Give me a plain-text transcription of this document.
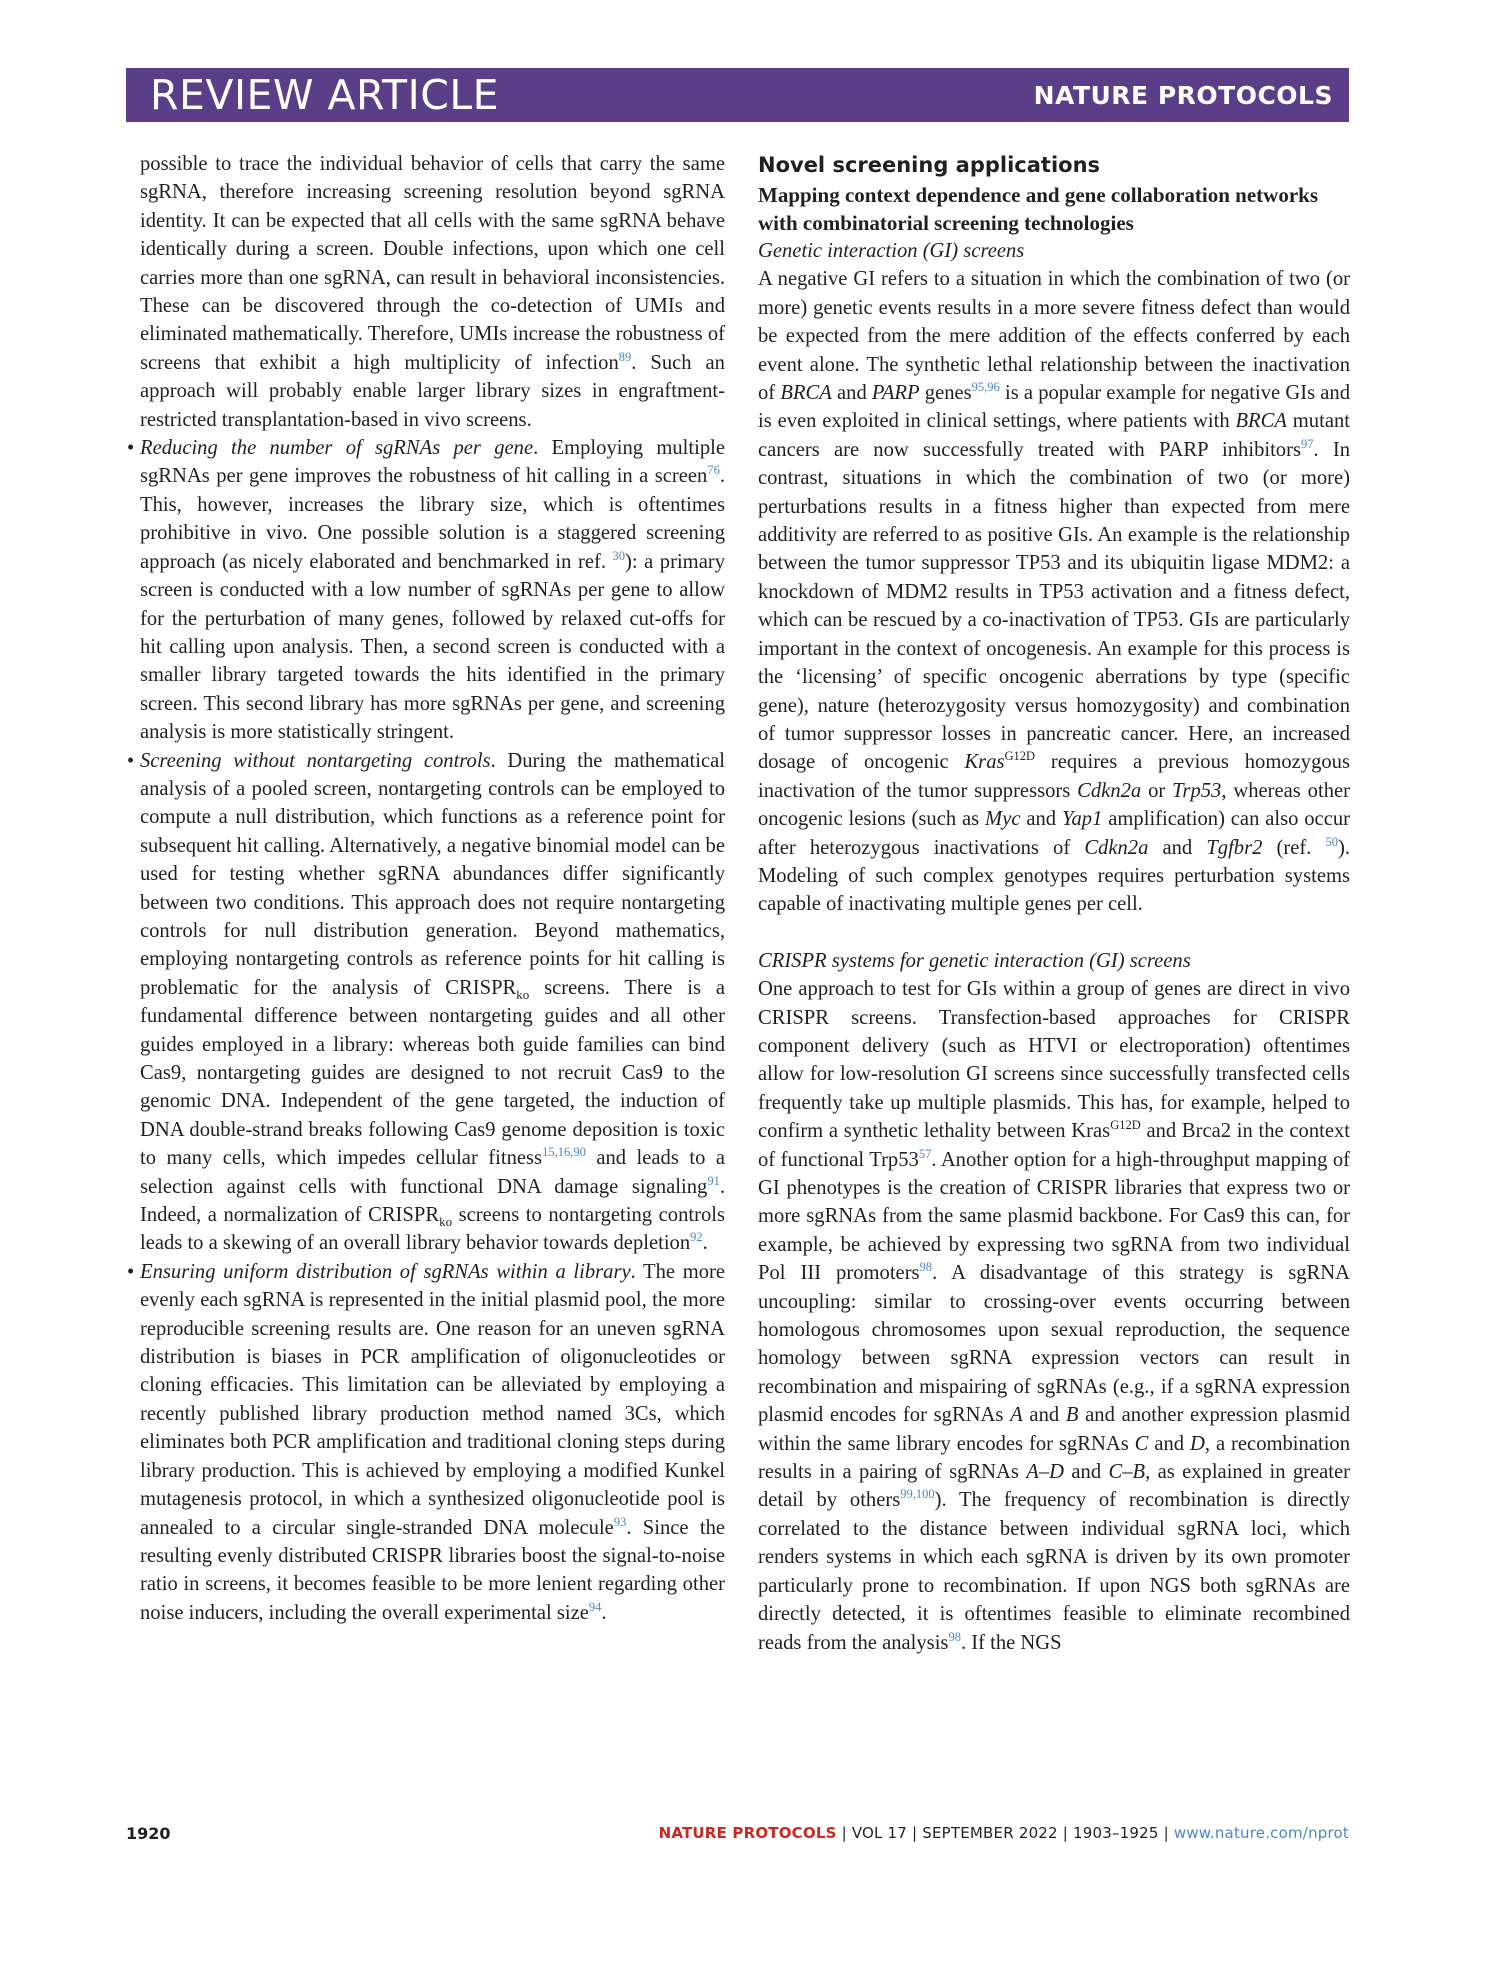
REVIEW ARTICLE	NATURE PROTOCOLS

possible to trace the individual behavior of cells that carry the same sgRNA, therefore increasing screening resolution beyond sgRNA identity. It can be expected that all cells with the same sgRNA behave identically during a screen. Double infections, upon which one cell carries more than one sgRNA, can result in behavioral inconsistencies. These can be discovered through the co-detection of UMIs and eliminated mathematically. Therefore, UMIs increase the robustness of screens that exhibit a high multiplicity of infection$^{89}$. Such an approach will probably enable larger library sizes in engraftment-restricted transplantation-based in vivo screens.

• Reducing the number of sgRNAs per gene. Employing multiple sgRNAs per gene improves the robustness of hit calling in a screen$^{76}$. This, however, increases the library size, which is oftentimes prohibitive in vivo. One possible solution is a staggered screening approach (as nicely elaborated and benchmarked in ref. $^{30}$): a primary screen is conducted with a low number of sgRNAs per gene to allow for the perturbation of many genes, followed by relaxed cut-offs for hit calling upon analysis. Then, a second screen is conducted with a smaller library targeted towards the hits identified in the primary screen. This second library has more sgRNAs per gene, and screening analysis is more statistically stringent.
• Screening without nontargeting controls. During the mathematical analysis of a pooled screen, nontargeting controls can be employed to compute a null distribution, which functions as a reference point for subsequent hit calling. Alternatively, a negative binomial model can be used for testing whether sgRNA abundances differ significantly between two conditions. This approach does not require nontargeting controls for null distribution generation. Beyond mathematics, employing nontargeting controls as reference points for hit calling is problematic for the analysis of $CRISPR_{ko}$ screens. There is a fundamental difference between nontargeting guides and all other guides employed in a library: whereas both guide families can bind Cas9, nontargeting guides are designed to not recruit Cas9 to the genomic DNA. Independent of the gene targeted, the induction of DNA double-strand breaks following Cas9 genome deposition is toxic to many cells, which impedes cellular fitness$^{15,16,90}$ and leads to a selection against cells with functional DNA damage signaling$^{91}$. Indeed, a normalization of $CRISPR_{ko}$ screens to nontargeting controls leads to a skewing of an overall library behavior towards depletion$^{92}$.
• Ensuring uniform distribution of sgRNAs within a library. The more evenly each sgRNA is represented in the initial plasmid pool, the more reproducible screening results are. One reason for an uneven sgRNA distribution is biases in PCR amplification of oligonucleotides or cloning efficacies. This limitation can be alleviated by employing a recently published library production method named 3Cs, which eliminates both PCR amplification and traditional cloning steps during library production. This is achieved by employing a modified Kunkel mutagenesis protocol, in which a synthesized oligonucleotide pool is annealed to a circular single-stranded DNA molecule$^{93}$. Since the resulting evenly distributed CRISPR libraries boost the signal-to-noise ratio in screens, it becomes feasible to be more lenient regarding other noise inducers, including the overall experimental size$^{94}$.
Novel screening applications
Mapping context dependence and gene collaboration networks with combinatorial screening technologies
Genetic interaction (GI) screens

A negative GI refers to a situation in which the combination of two (or more) genetic events results in a more severe fitness defect than would be expected from the mere addition of the effects conferred by each event alone. The synthetic lethal relationship between the inactivation of BRCA and PARP genes$^{95,96}$ is a popular example for negative GIs and is even exploited in clinical settings, where patients with BRCA mutant cancers are now successfully treated with PARP inhibitors$^{97}$. In contrast, situations in which the combination of two (or more) perturbations results in a fitness higher than expected from mere additivity are referred to as positive GIs. An example is the relationship between the tumor suppressor TP53 and its ubiquitin ligase MDM2: a knockdown of MDM2 results in TP53 activation and a fitness defect, which can be rescued by a co-inactivation of TP53. GIs are particularly important in the context of oncogenesis. An example for this process is the ‘licensing’ of specific oncogenic aberrations by type (specific gene), nature (heterozygosity versus homozygosity) and combination of tumor suppressor losses in pancreatic cancer. Here, an increased dosage of oncogenic Kras$^{G12D}$ requires a previous homozygous inactivation of the tumor suppressors Cdkn2a or Trp53, whereas other oncogenic lesions (such as Myc and Yap1 amplification) can also occur after heterozygous inactivations of Cdkn2a and Tgfbr2 (ref. $^{50}$). Modeling of such complex genotypes requires perturbation systems capable of inactivating multiple genes per cell.

CRISPR systems for genetic interaction (GI) screens

One approach to test for GIs within a group of genes are direct in vivo CRISPR screens. Transfection-based approaches for CRISPR component delivery (such as HTVI or electroporation) oftentimes allow for low-resolution GI screens since successfully transfected cells frequently take up multiple plasmids. This has, for example, helped to confirm a synthetic lethality between Kras$^{G12D}$ and Brca2 in the context of functional $Trp53^{57}$. Another option for a high-throughput mapping of GI phenotypes is the creation of CRISPR libraries that express two or more sgRNAs from the same plasmid backbone. For Cas9 this can, for example, be achieved by expressing two sgRNA from two individual Pol III promoters$^{98}$. A disadvantage of this strategy is sgRNA uncoupling: similar to crossing-over events occurring between homologous chromosomes upon sexual reproduction, the sequence homology between sgRNA expression vectors can result in recombination and mispairing of sgRNAs (e.g., if a sgRNA expression plasmid encodes for sgRNAs A and B and another expression plasmid within the same library encodes for sgRNAs C and D, a recombination results in a pairing of sgRNAs A–D and C–B, as explained in greater detail by others$^{99,100}$). The frequency of recombination is directly correlated to the distance between individual sgRNA loci, which renders systems in which each sgRNA is driven by its own promoter particularly prone to recombination. If upon NGS both sgRNAs are directly detected, it is oftentimes feasible to eliminate recombined reads from the analysis$^{98}$. If the NGS

1920	NATURE PROTOCOLS | VOL 17 | SEPTEMBER 2022 | 1903–1925 | www.nature.com/nprot
